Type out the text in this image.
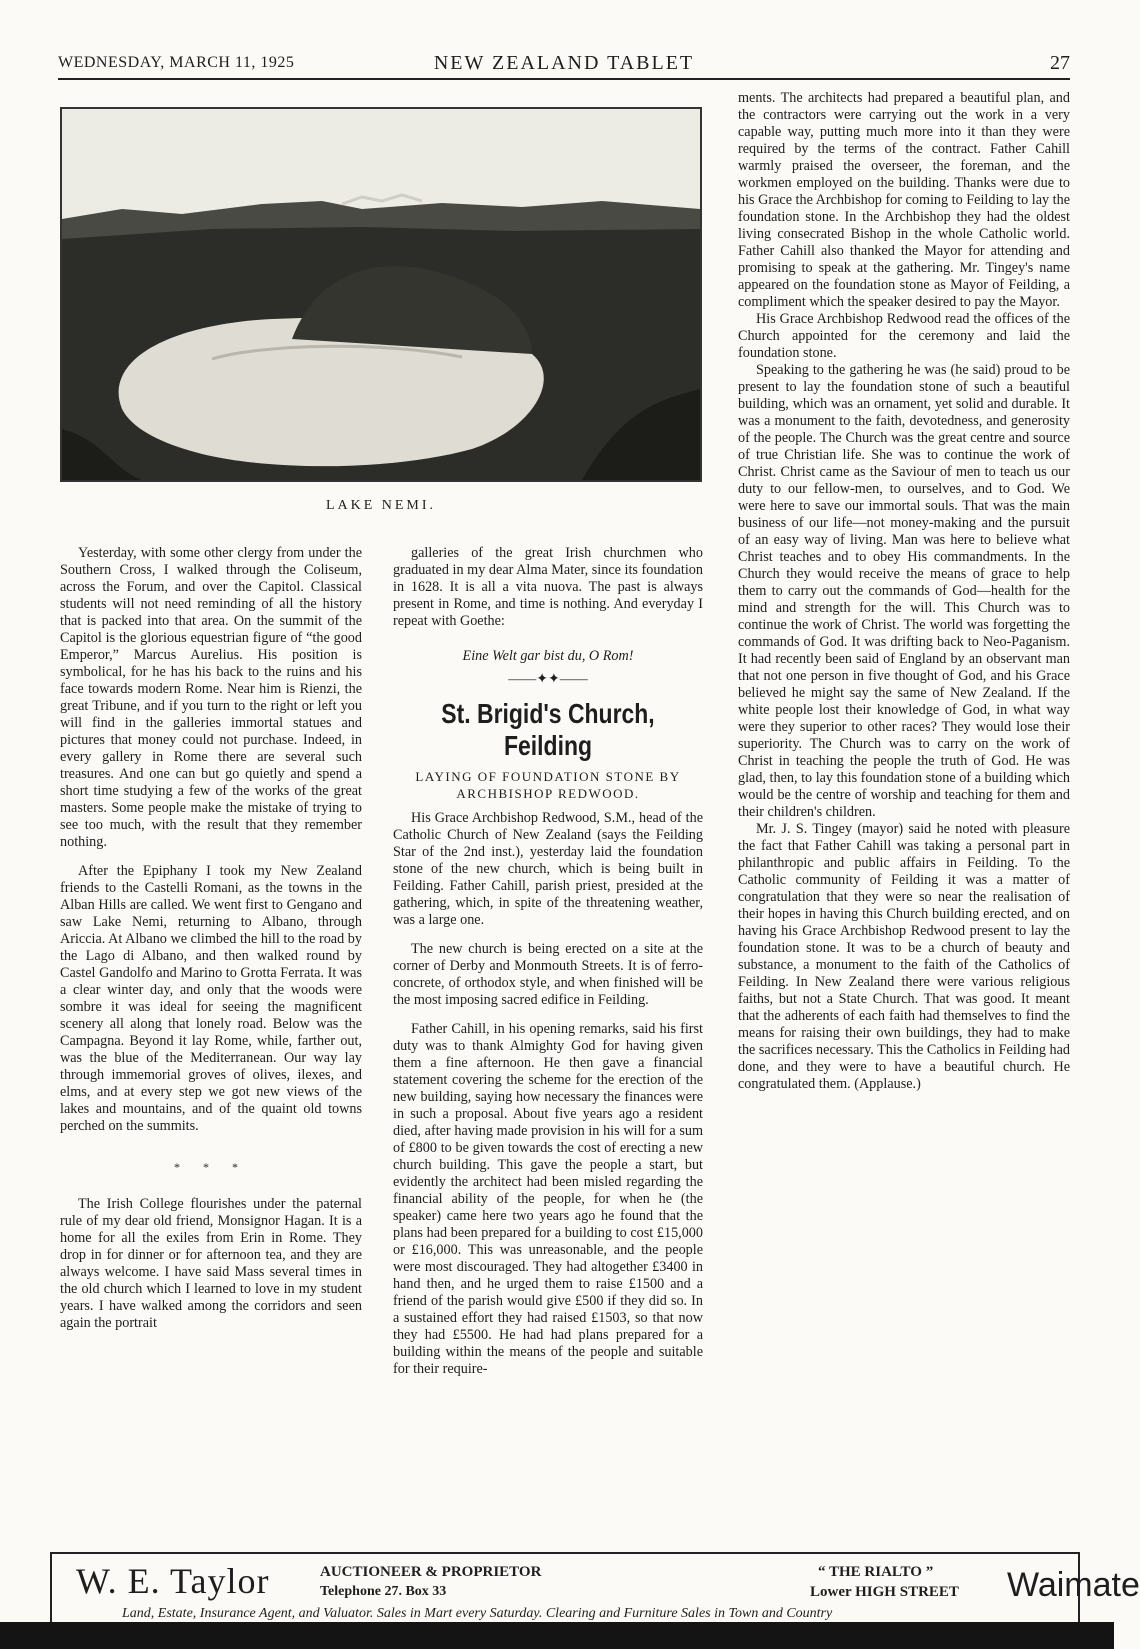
WEDNESDAY, MARCH 11, 1925	NEW ZEALAND TABLET	27
LAKE NEMI.

Yesterday, with some other clergy from under the Southern Cross, I walked through the Coliseum, across the Forum, and over the Capitol. Classical students will not need reminding of all the history that is packed into that area. On the summit of the Capitol is the glorious equestrian figure of “the good Emperor,” Marcus Aurelius. His position is symbolical, for he has his back to the ruins and his face towards modern Rome. Near him is Rienzi, the great Tribune, and if you turn to the right or left you will find in the galleries immortal statues and pictures that money could not purchase. Indeed, in every gallery in Rome there are several such treasures. And one can but go quietly and spend a short time studying a few of the works of the great masters. Some people make the mistake of trying to see too much, with the result that they remember nothing.

After the Epiphany I took my New Zealand friends to the Castelli Romani, as the towns in the Alban Hills are called. We went first to Gengano and saw Lake Nemi, returning to Albano, through Ariccia. At Albano we climbed the hill to the road by the Lago di Albano, and then walked round by Castel Gandolfo and Marino to Grotta Ferrata. It was a clear winter day, and only that the woods were sombre it was ideal for seeing the magnificent scenery all along that lonely road. Below was the Campagna. Beyond it lay Rome, while, farther out, was the blue of the Mediterranean. Our way lay through immemorial groves of olives, ilexes, and elms, and at every step we got new views of the lakes and mountains, and of the quaint old towns perched on the summits.

* * *

The Irish College flourishes under the paternal rule of my dear old friend, Monsignor Hagan. It is a home for all the exiles from Erin in Rome. They drop in for dinner or for afternoon tea, and they are always welcome. I have said Mass several times in the old church which I learned to love in my student years. I have walked among the corridors and seen again the portrait

galleries of the great Irish churchmen who graduated in my dear Alma Mater, since its foundation in 1628. It is all a vita nuova. The past is always present in Rome, and time is nothing. And everyday I repeat with Goethe:

Eine Welt gar bist du, O Rom!
——✦✦——
St. Brigid's Church, Feilding
LAYING OF FOUNDATION STONE BY ARCHBISHOP REDWOOD.

His Grace Archbishop Redwood, S.M., head of the Catholic Church of New Zealand (says the Feilding Star of the 2nd inst.), yesterday laid the foundation stone of the new church, which is being built in Feilding. Father Cahill, parish priest, presided at the gathering, which, in spite of the threatening weather, was a large one.

The new church is being erected on a site at the corner of Derby and Monmouth Streets. It is of ferro-concrete, of orthodox style, and when finished will be the most imposing sacred edifice in Feilding.

Father Cahill, in his opening remarks, said his first duty was to thank Almighty God for having given them a fine afternoon. He then gave a financial statement covering the scheme for the erection of the new building, saying how necessary the finances were in such a proposal. About five years ago a resident died, after having made provision in his will for a sum of £800 to be given towards the cost of erecting a new church building. This gave the people a start, but evidently the architect had been misled regarding the financial ability of the people, for when he (the speaker) came here two years ago he found that the plans had been prepared for a building to cost £15,000 or £16,000. This was unreasonable, and the people were most discouraged. They had altogether £3400 in hand then, and he urged them to raise £1500 and a friend of the parish would give £500 if they did so. In a sustained effort they had raised £1503, so that now they had £5500. He had had plans prepared for a building within the means of the people and suitable for their require-

ments. The architects had prepared a beautiful plan, and the contractors were carrying out the work in a very capable way, putting much more into it than they were required by the terms of the contract. Father Cahill warmly praised the overseer, the foreman, and the workmen employed on the building. Thanks were due to his Grace the Archbishop for coming to Feilding to lay the foundation stone. In the Archbishop they had the oldest living consecrated Bishop in the whole Catholic world. Father Cahill also thanked the Mayor for attending and promising to speak at the gathering. Mr. Tingey's name appeared on the foundation stone as Mayor of Feilding, a compliment which the speaker desired to pay the Mayor.

His Grace Archbishop Redwood read the offices of the Church appointed for the ceremony and laid the foundation stone.

Speaking to the gathering he was (he said) proud to be present to lay the foundation stone of such a beautiful building, which was an ornament, yet solid and durable. It was a monument to the faith, devotedness, and generosity of the people. The Church was the great centre and source of true Christian life. She was to continue the work of Christ. Christ came as the Saviour of men to teach us our duty to our fellow-men, to ourselves, and to God. We were here to save our immortal souls. That was the main business of our life—not money-making and the pursuit of an easy way of living. Man was here to believe what Christ teaches and to obey His commandments. In the Church they would receive the means of grace to help them to carry out the commands of God—health for the mind and strength for the will. This Church was to continue the work of Christ. The world was forgetting the commands of God. It was drifting back to Neo-Paganism. It had recently been said of England by an observant man that not one person in five thought of God, and his Grace believed he might say the same of New Zealand. If the white people lost their knowledge of God, in what way were they superior to other races? They would lose their superiority. The Church was to carry on the work of Christ in teaching the people the truth of God. He was glad, then, to lay this foundation stone of a building which would be the centre of worship and teaching for them and their children's children.

Mr. J. S. Tingey (mayor) said he noted with pleasure the fact that Father Cahill was taking a personal part in philanthropic and public affairs in Feilding. To the Catholic community of Feilding it was a matter of congratulation that they were so near the realisation of their hopes in having this Church building erected, and on having his Grace Archbishop Redwood present to lay the foundation stone. It was to be a church of beauty and substance, a monument to the faith of the Catholics of Feilding. In New Zealand there were various religious faiths, but not a State Church. That was good. It meant that the adherents of each faith had themselves to find the means for raising their own buildings, they had to make the sacrifices necessary. This the Catholics in Feilding had done, and they were to have a beautiful church. He congratulated them. (Applause.)

W. E. Taylor	AUCTIONEER & PROPRIETOR
Telephone 27. Box 33
“ THE RIALTO ”
Lower HIGH STREET Waimate
Land, Estate, Insurance Agent, and Valuator. Sales in Mart every Saturday. Clearing and Furniture Sales in Town and Country
